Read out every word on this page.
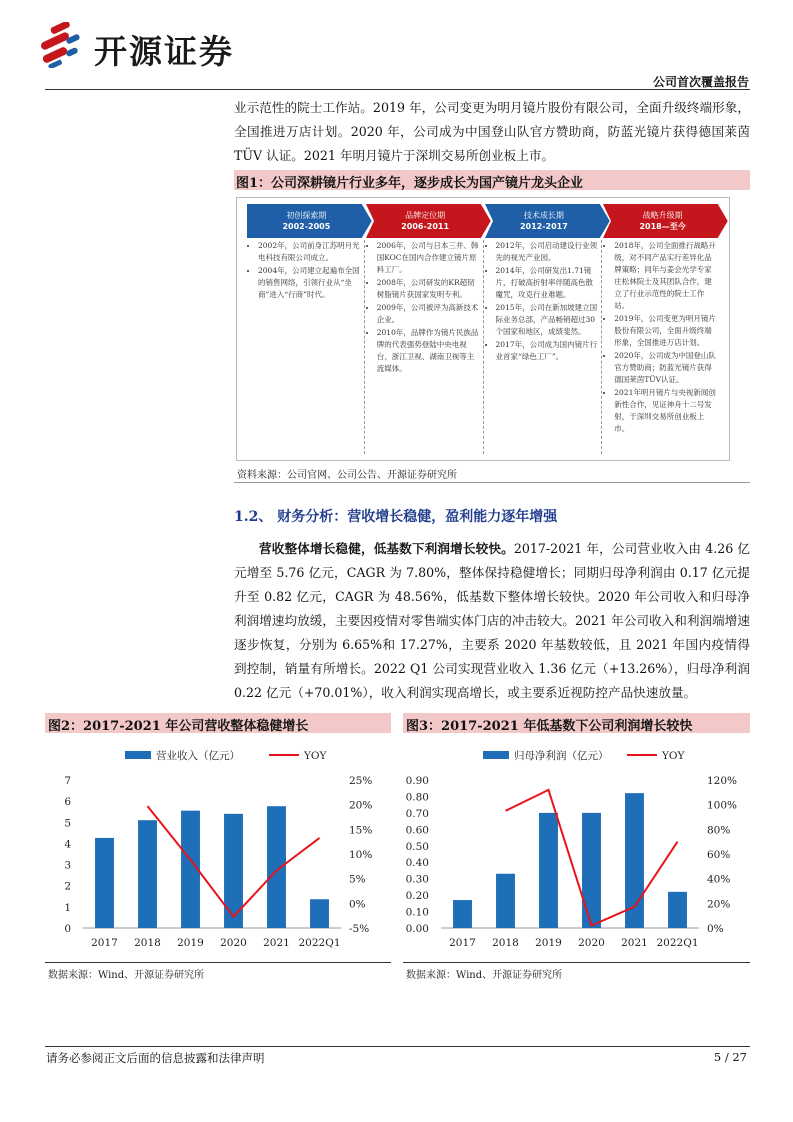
开源证券
公司首次覆盖报告
业示范性的院士工作站。2019 年，公司变更为明月镜片股份有限公司，全面升级终端形象，全国推进万店计划。2020 年，公司成为中国登山队官方赞助商，防蓝光镜片获得德国莱茵 TÜV 认证。2021 年明月镜片于深圳交易所创业板上市。
图1：公司深耕镜片行业多年，逐步成长为国产镜片龙头企业
初创探索期
2002-2005
品牌定位期
2006-2011
技术成长期
2012-2017
战略升级期
2018—至今
• 2002年，公司前身江苏明月光电科技有限公司成立。
• 2004年，公司建立起遍布全国的销售网络，引领行业从“坐商”进入“行商”时代。
• 2006年，公司与日本三井、韩国KOC在国内合作建立镜片原料工厂。
• 2008年，公司研发的KR超韧树脂镜片获国家发明专利。
• 2009年，公司被评为高新技术企业。
• 2010年，品牌作为镜片民族品牌的代表强势登陆中央电视台、浙江卫视、湖南卫视等主流媒体。
• 2012年，公司启动建设行业领先的视光产业园。
• 2014年，公司研发出1.71镜片，打破高折射率伴随高色散魔咒，攻克行业难题。
• 2015年，公司在新加坡建立国际业务总部，产品畅销超过30个国家和地区，成绩斐然。
• 2017年，公司成为国内镜片行业首家“绿色工厂”。
• 2018年，公司全面推行战略升级，对不同产品实行差异化品牌策略；同年与姜会光学专家庄松林院士及其团队合作，建立了行业示范性的院士工作站。
• 2019年，公司变更为明月镜片股份有限公司，全面升级终端形象，全国推进万店计划。
• 2020年，公司成为中国登山队官方赞助商；防蓝光镜片获得德国莱茵TÜV认证。
• 2021年明月镜片与央视新闻创新性合作，见证神舟十二号发射，于深圳交易所创业板上市。
资料来源：公司官网、公司公告、开源证券研究所
1.2、 财务分析：营收增长稳健，盈利能力逐年增强
营收整体增长稳健，低基数下利润增长较快。2017-2021 年，公司营业收入由 4.26 亿元增至 5.76 亿元，CAGR 为 7.80%，整体保持稳健增长；同期归母净利润由 0.17 亿元提升至 0.82 亿元，CAGR 为 48.56%，低基数下整体增长较快。2020 年公司收入和归母净利润增速均放缓，主要因疫情对零售端实体门店的冲击较大。2021 年公司收入和利润端增速逐步恢复，分别为 6.65%和 17.27%，主要系 2020 年基数较低，且 2021 年国内疫情得到控制，销量有所增长。2022 Q1 公司实现营业收入 1.36 亿元（+13.26%），归母净利润 0.22 亿元（+70.01%），收入利润实现高增长，或主要系近视防控产品快速放量。
图2：2017-2021 年公司营收整体稳健增长	图3：2017-2021 年低基数下公司利润增长较快
营业收入（亿元）	YOY
0
1
2
3
4
5
6
7
-5%
0%
5%
10%
15%
20%
25%
2017 2018 2019 2020 2021 2022Q1
归母净利润（亿元）	YOY
0.00
0.10
0.20
0.30
0.40
0.50
0.60
0.70
0.80
0.90
0%
20%
40%
60%
80%
100%
120%
2017 2018 2019 2020 2021 2022Q1
数据来源：Wind、开源证券研究所	数据来源：Wind、开源证券研究所
请务必参阅正文后面的信息披露和法律声明	5 / 27
